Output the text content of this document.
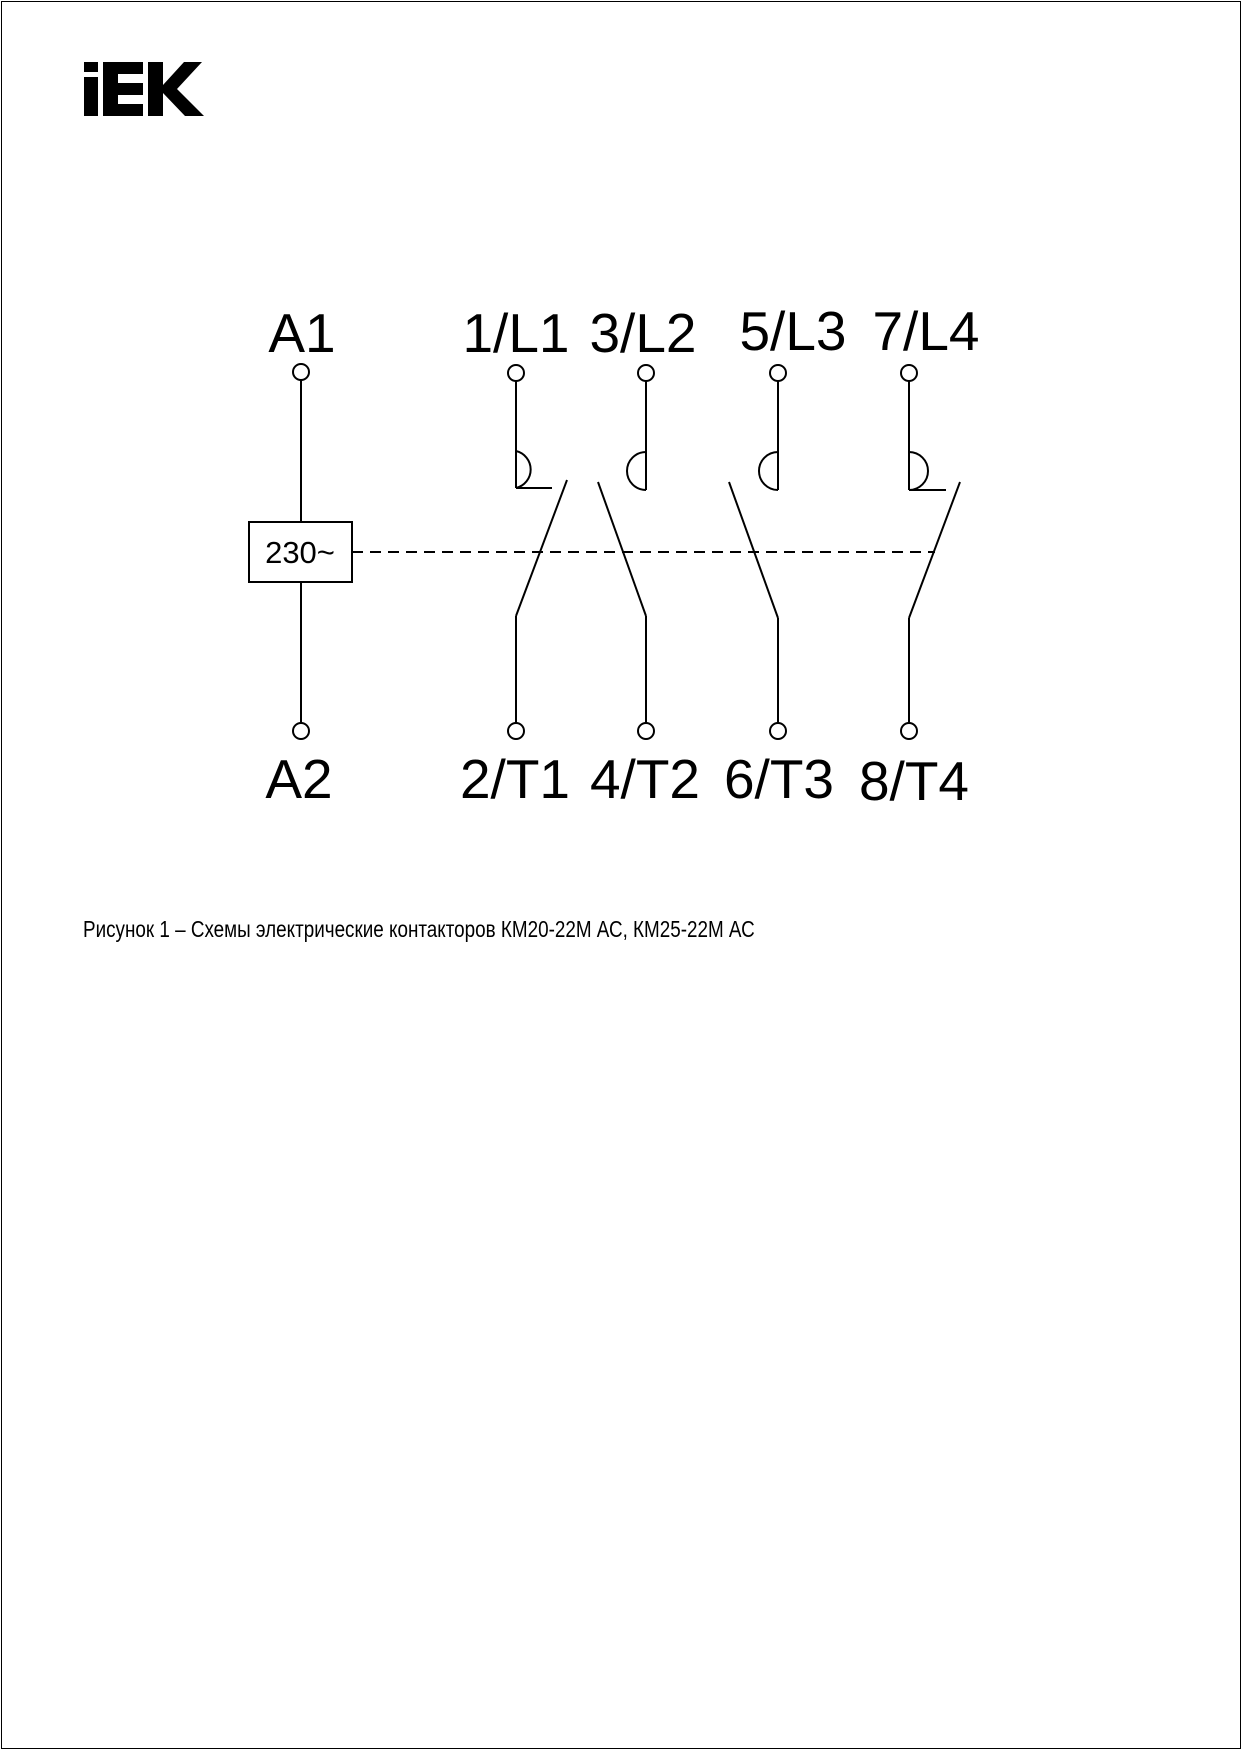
A1
230~
A2
1/L1
2/T1
3/L2
4/T2
5/L3
6/T3
7/L4
8/T4
Рисунок 1 – Схемы электрические контакторов КМ20-22М АС, КМ25-22М АС
